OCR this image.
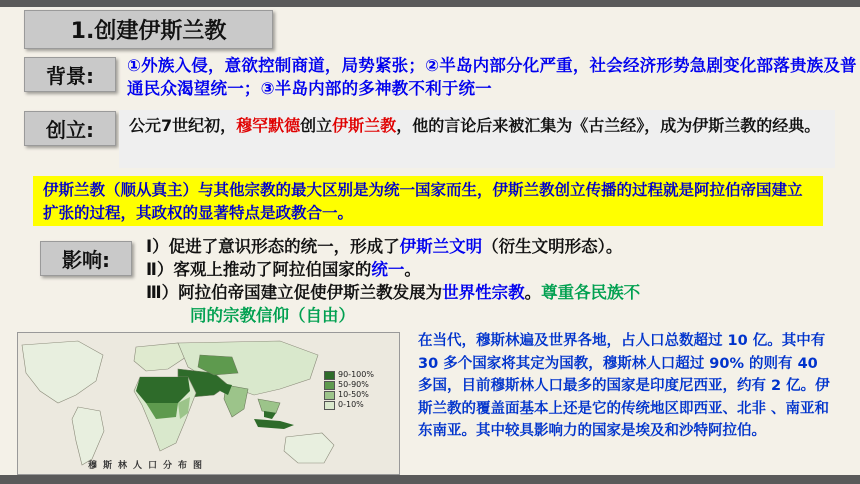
1.创建伊斯兰教
背景: ①外族入侵，意欲控制商道，局势紧张；②半岛内部分化严重，社会经济形势急剧变化部落贵族及普通民众渴望统一；③半岛内部的多神教不利于统一
创立:	公元7世纪初，穆罕默德创立伊斯兰教，他的言论后来被汇集为《古兰经》，成为伊斯兰教的经典。
伊斯兰教（顺从真主）与其他宗教的最大区别是为统一国家而生，伊斯兰教创立传播的过程就是阿拉伯帝国建立扩张的过程，其政权的显著特点是政教合一。
影响:
Ⅰ）促进了意识形态的统一，形成了伊斯兰文明（衍生文明形态）。
Ⅱ）客观上推动了阿拉伯国家的统一。
Ⅲ）阿拉伯帝国建立促使伊斯兰教发展为世界性宗教。尊重各民族不
同的宗教信仰（自由）
90-100%
50-90%
10-50%
0-10%
穆斯林人口分布图
在当代，穆斯林遍及世界各地，占人口总数超过 10 亿。其中有 30 多个国家将其定为国教，穆斯林人口超过 90% 的则有 40 多国，目前穆斯林人口最多的国家是印度尼西亚，约有 2 亿。伊斯兰教的覆盖面基本上还是它的传统地区即西亚、北非 、南亚和东南亚。其中较具影响力的国家是埃及和沙特阿拉伯。
